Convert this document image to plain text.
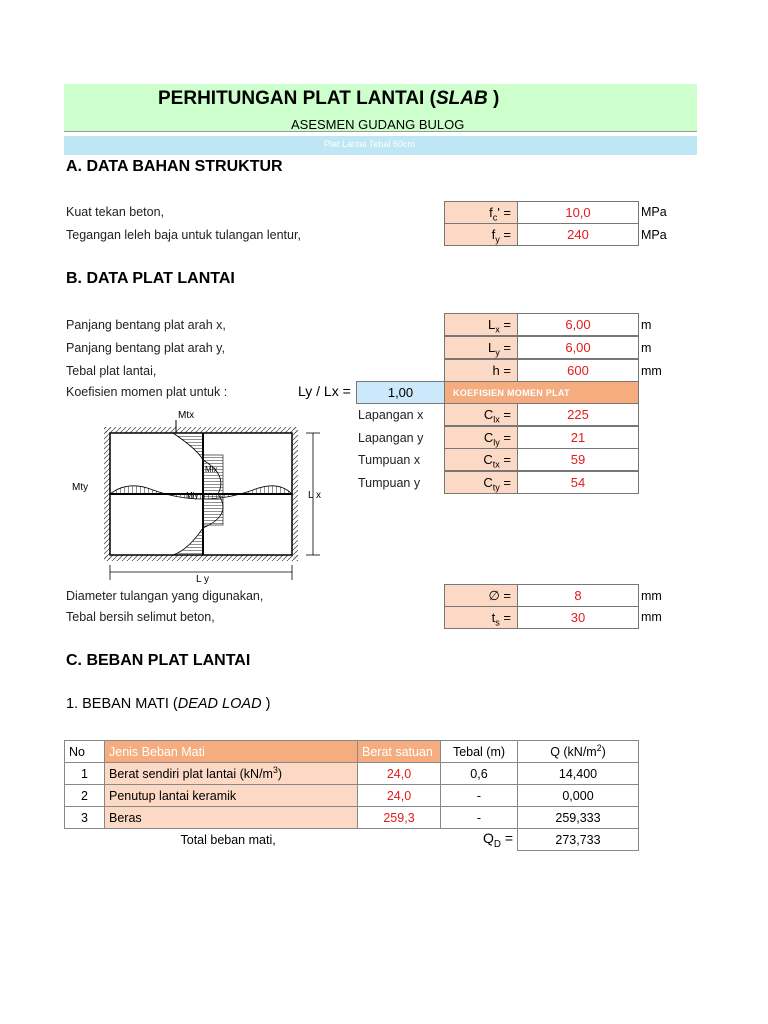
PERHITUNGAN PLAT LANTAI (SLAB )
ASESMEN GUDANG BULOG
Plat Lantai Tebal 60cm
A. DATA BAHAN STRUKTUR
Kuat tekan beton,	$f_c'$ =	10,0	MPa
Tegangan leleh baja untuk tulangan lentur,	$f_y$ =	240	MPa
B. DATA PLAT LANTAI
Panjang bentang plat arah x,	$L_x$ =	6,00	m
Panjang bentang plat arah y,	$L_y$ =	6,00	m
Tebal plat lantai,	h =	600	mm
Koefisien momen plat untuk :	Ly / Lx =	1,00	KOEFISIEN MOMEN PLAT
Lapangan x	$C_{lx}$ =	225
Lapangan y	$C_{ly}$ =	21
Tumpuan x	$C_{tx}$ =	59
Tumpuan y	$C_{ty}$ =	54
Mtx
Mty
Mlx
Mly	L x
L y
Diameter tulangan yang digunakan,	∅ =	8	mm
Tebal bersih selimut beton,	$t_s$ =	30	mm
C. BEBAN PLAT LANTAI
1. BEBAN MATI (DEAD LOAD )
No	Jenis Beban Mati	Berat satuan	Tebal (m)	Q $(kN/m^2)$
1	Berat sendiri plat lantai $(kN/m^3)$	24,0	0,6	14,400
2	Penutup lantai keramik	24,0	-	0,000
3	Beras	259,3	-	259,333
Total beban mati,			$Q_D$ =	273,733
